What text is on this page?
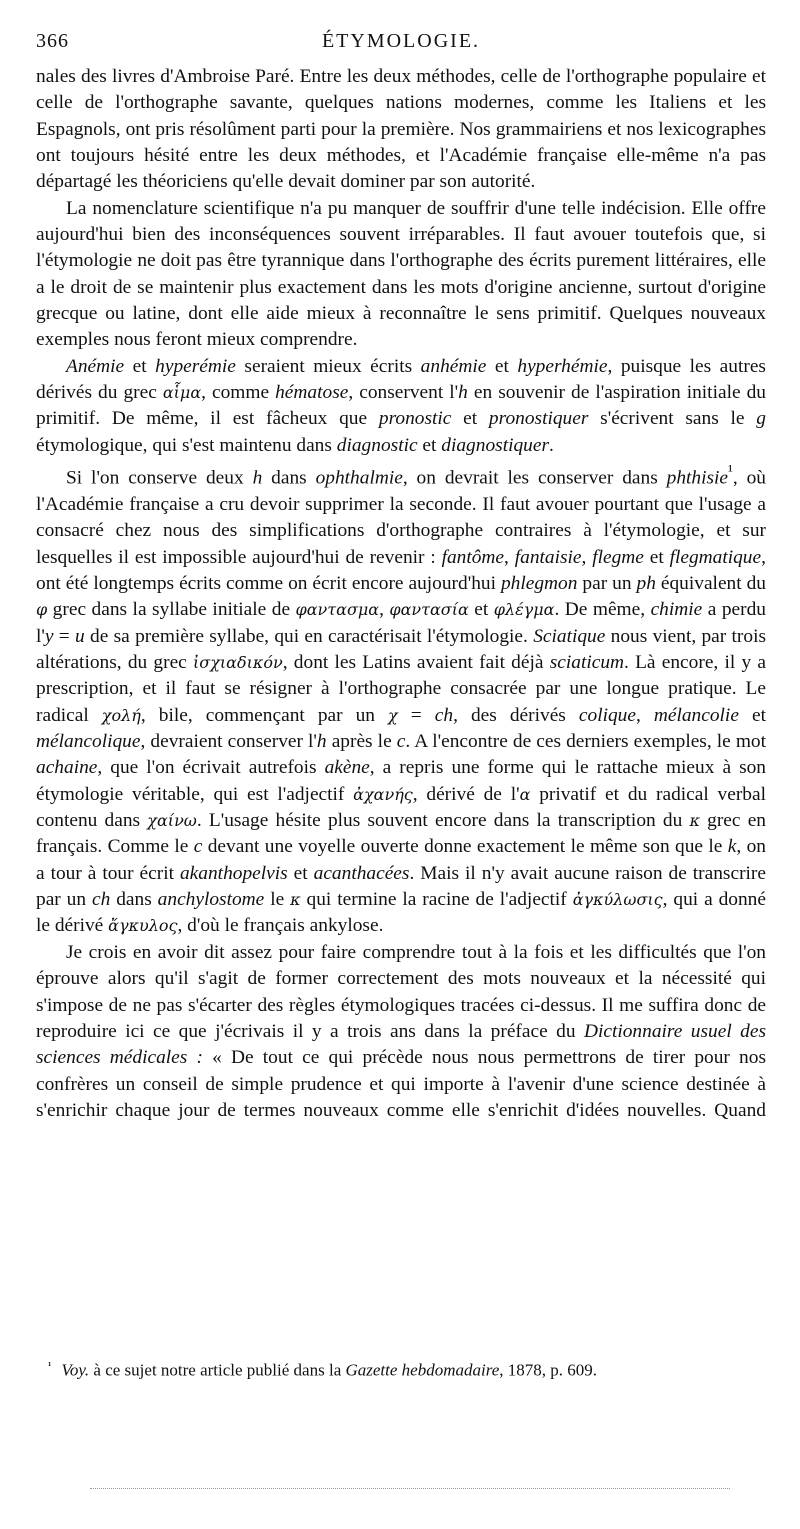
366	ÉTYMOLOGIE.

nales des livres d'Ambroise Paré. Entre les deux méthodes, celle de l'orthographe populaire et celle de l'orthographe savante, quelques nations modernes, comme les Italiens et les Espagnols, ont pris résolûment parti pour la première. Nos grammairiens et nos lexicographes ont toujours hésité entre les deux méthodes, et l'Académie française elle-même n'a pas départagé les théoriciens qu'elle devait dominer par son autorité.

La nomenclature scientifique n'a pu manquer de souffrir d'une telle indécision. Elle offre aujourd'hui bien des inconséquences souvent irréparables. Il faut avouer toutefois que, si l'étymologie ne doit pas être tyrannique dans l'orthographe des écrits purement littéraires, elle a le droit de se maintenir plus exactement dans les mots d'origine ancienne, surtout d'origine grecque ou latine, dont elle aide mieux à reconnaître le sens primitif. Quelques nouveaux exemples nous feront mieux comprendre.

Anémie et hyperémie seraient mieux écrits anhémie et hyperhémie, puisque les autres dérivés du grec αἷμα, comme hématose, conservent l'h en souvenir de l'aspiration initiale du primitif. De même, il est fâcheux que pronostic et pronostiquer s'écrivent sans le g étymologique, qui s'est maintenu dans diagnostic et diagnostiquer.

Si l'on conserve deux h dans ophthalmie, on devrait les conserver dans phthisie$^{^1}$, où l'Académie française a cru devoir supprimer la seconde. Il faut avouer pourtant que l'usage a consacré chez nous des simplifications d'orthographe contraires à l'étymologie, et sur lesquelles il est impossible aujourd'hui de revenir : fantôme, fantaisie, flegme et flegmatique, ont été longtemps écrits comme on écrit encore aujourd'hui phlegmon par un ph équivalent du φ grec dans la syllabe initiale de φαντασμα, φαντασία et φλέγμα. De même, chimie a perdu l'y = u de sa première syllabe, qui en caractérisait l'étymologie. Sciatique nous vient, par trois altérations, du grec ἰσχιαδικόν, dont les Latins avaient fait déjà sciaticum. Là encore, il y a prescription, et il faut se résigner à l'orthographe consacrée par une longue pratique. Le radical χολή, bile, commençant par un χ = ch, des dérivés colique, mélancolie et mélancolique, devraient conserver l'h après le c. A l'encontre de ces derniers exemples, le mot achaine, que l'on écrivait autrefois akène, a repris une forme qui le rattache mieux à son étymologie véritable, qui est l'adjectif ἀχανής, dérivé de l'α privatif et du radical verbal contenu dans χαίνω. L'usage hésite plus souvent encore dans la transcription du κ grec en français. Comme le c devant une voyelle ouverte donne exactement le même son que le k, on a tour à tour écrit akanthopelvis et acanthacées. Mais il n'y avait aucune raison de transcrire par un ch dans anchylostome le κ qui termine la racine de l'adjectif ἀγκύλωσις, qui a donné le dérivé ἄγκυλος, d'où le français ankylose.

Je crois en avoir dit assez pour faire comprendre tout à la fois et les difficultés que l'on éprouve alors qu'il s'agit de former correctement des mots nouveaux et la nécessité qui s'impose de ne pas s'écarter des règles étymologiques tracées ci-dessus. Il me suffira donc de reproduire ici ce que j'écrivais il y a trois ans dans la préface du Dictionnaire usuel des sciences médicales : « De tout ce qui précède nous nous permettrons de tirer pour nos confrères un conseil de simple prudence et qui importe à l'avenir d'une science destinée à s'enrichir chaque jour de termes nouveaux comme elle s'enrichit d'idées nouvelles. Quand

$^{^1}$ Voy. à ce sujet notre article publié dans la Gazette hebdomadaire, 1878, p. 609.
